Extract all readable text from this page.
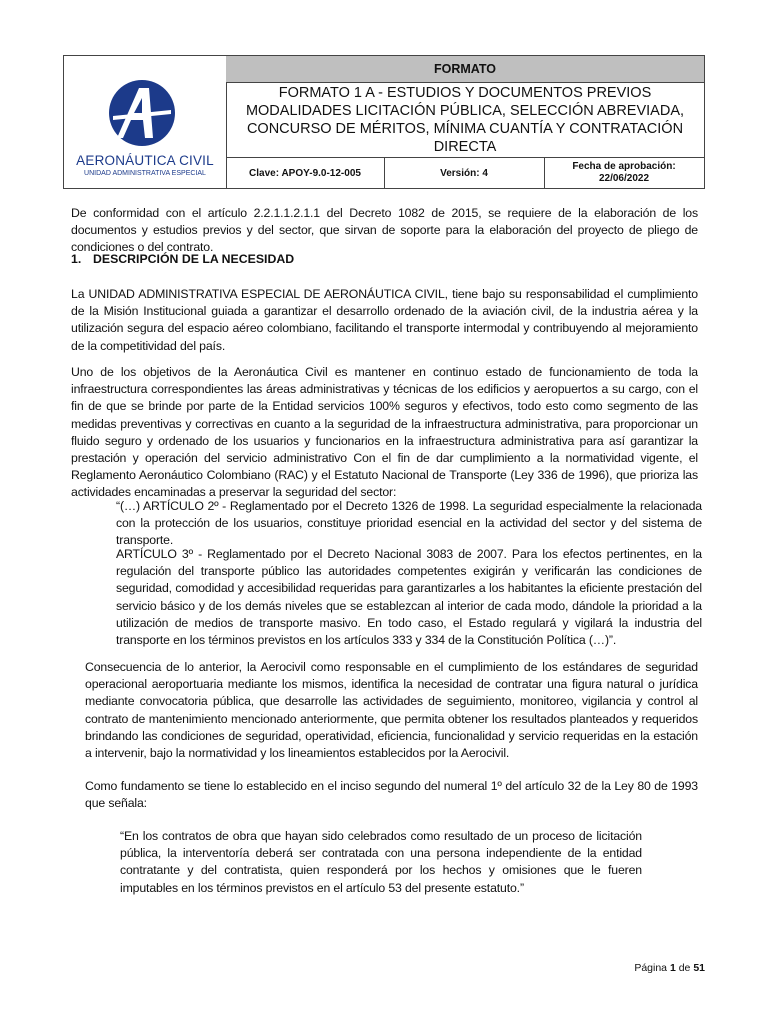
AERONÁUTICA CIVIL
UNIDAD ADMINISTRATIVA ESPECIAL
FORMATO
FORMATO 1 A - ESTUDIOS Y DOCUMENTOS PREVIOS MODALIDADES LICITACIÓN PÚBLICA, SELECCIÓN ABREVIADA, CONCURSO DE MÉRITOS, MÍNIMA CUANTÍA Y CONTRATACIÓN DIRECTA
Clave: APOY-9.0-12-005	Versión: 4
Fecha de aprobación:
22/06/2022
De conformidad con el artículo 2.2.1.1.2.1.1 del Decreto 1082 de 2015, se requiere de la elaboración de los documentos y estudios previos y del sector, que sirvan de soporte para la elaboración del proyecto de pliego de condiciones o del contrato.
1. DESCRIPCIÓN DE LA NECESIDAD
La UNIDAD ADMINISTRATIVA ESPECIAL DE AERONÁUTICA CIVIL, tiene bajo su responsabilidad el cumplimiento de la Misión Institucional guiada a garantizar el desarrollo ordenado de la aviación civil, de la industria aérea y la utilización segura del espacio aéreo colombiano, facilitando el transporte intermodal y contribuyendo al mejoramiento de la competitividad del país.
Uno de los objetivos de la Aeronáutica Civil es mantener en continuo estado de funcionamiento de toda la infraestructura correspondientes las áreas administrativas y técnicas de los edificios y aeropuertos a su cargo, con el fin de que se brinde por parte de la Entidad servicios 100% seguros y efectivos, todo esto como segmento de las medidas preventivas y correctivas en cuanto a la seguridad de la infraestructura administrativa, para proporcionar un fluido seguro y ordenado de los usuarios y funcionarios en la infraestructura administrativa para así garantizar la prestación y operación del servicio administrativo Con el fin de dar cumplimiento a la normatividad vigente, el Reglamento Aeronáutico Colombiano (RAC) y el Estatuto Nacional de Transporte (Ley 336 de 1996), que prioriza las actividades encaminadas a preservar la seguridad del sector:
“(…) ARTÍCULO 2º - Reglamentado por el Decreto 1326 de 1998. La seguridad especialmente la relacionada con la protección de los usuarios, constituye prioridad esencial en la actividad del sector y del sistema de transporte.
ARTÍCULO 3º - Reglamentado por el Decreto Nacional 3083 de 2007. Para los efectos pertinentes, en la regulación del transporte público las autoridades competentes exigirán y verificarán las condiciones de seguridad, comodidad y accesibilidad requeridas para garantizarles a los habitantes la eficiente prestación del servicio básico y de los demás niveles que se establezcan al interior de cada modo, dándole la prioridad a la utilización de medios de transporte masivo. En todo caso, el Estado regulará y vigilará la industria del transporte en los términos previstos en los artículos 333 y 334 de la Constitución Política (…)”.
Consecuencia de lo anterior, la Aerocivil como responsable en el cumplimiento de los estándares de seguridad operacional aeroportuaria mediante los mismos, identifica la necesidad de contratar una figura natural o jurídica mediante convocatoria pública, que desarrolle las actividades de seguimiento, monitoreo, vigilancia y control al contrato de mantenimiento mencionado anteriormente, que permita obtener los resultados planteados y requeridos brindando las condiciones de seguridad, operatividad, eficiencia, funcionalidad y servicio requeridas en la estación a intervenir, bajo la normatividad y los lineamientos establecidos por la Aerocivil.
Como fundamento se tiene lo establecido en el inciso segundo del numeral 1º del artículo 32 de la Ley 80 de 1993 que señala:
“En los contratos de obra que hayan sido celebrados como resultado de un proceso de licitación pública, la interventoría deberá ser contratada con una persona independiente de la entidad contratante y del contratista, quien responderá por los hechos y omisiones que le fueren imputables en los términos previstos en el artículo 53 del presente estatuto.”
Página 1 de 51
